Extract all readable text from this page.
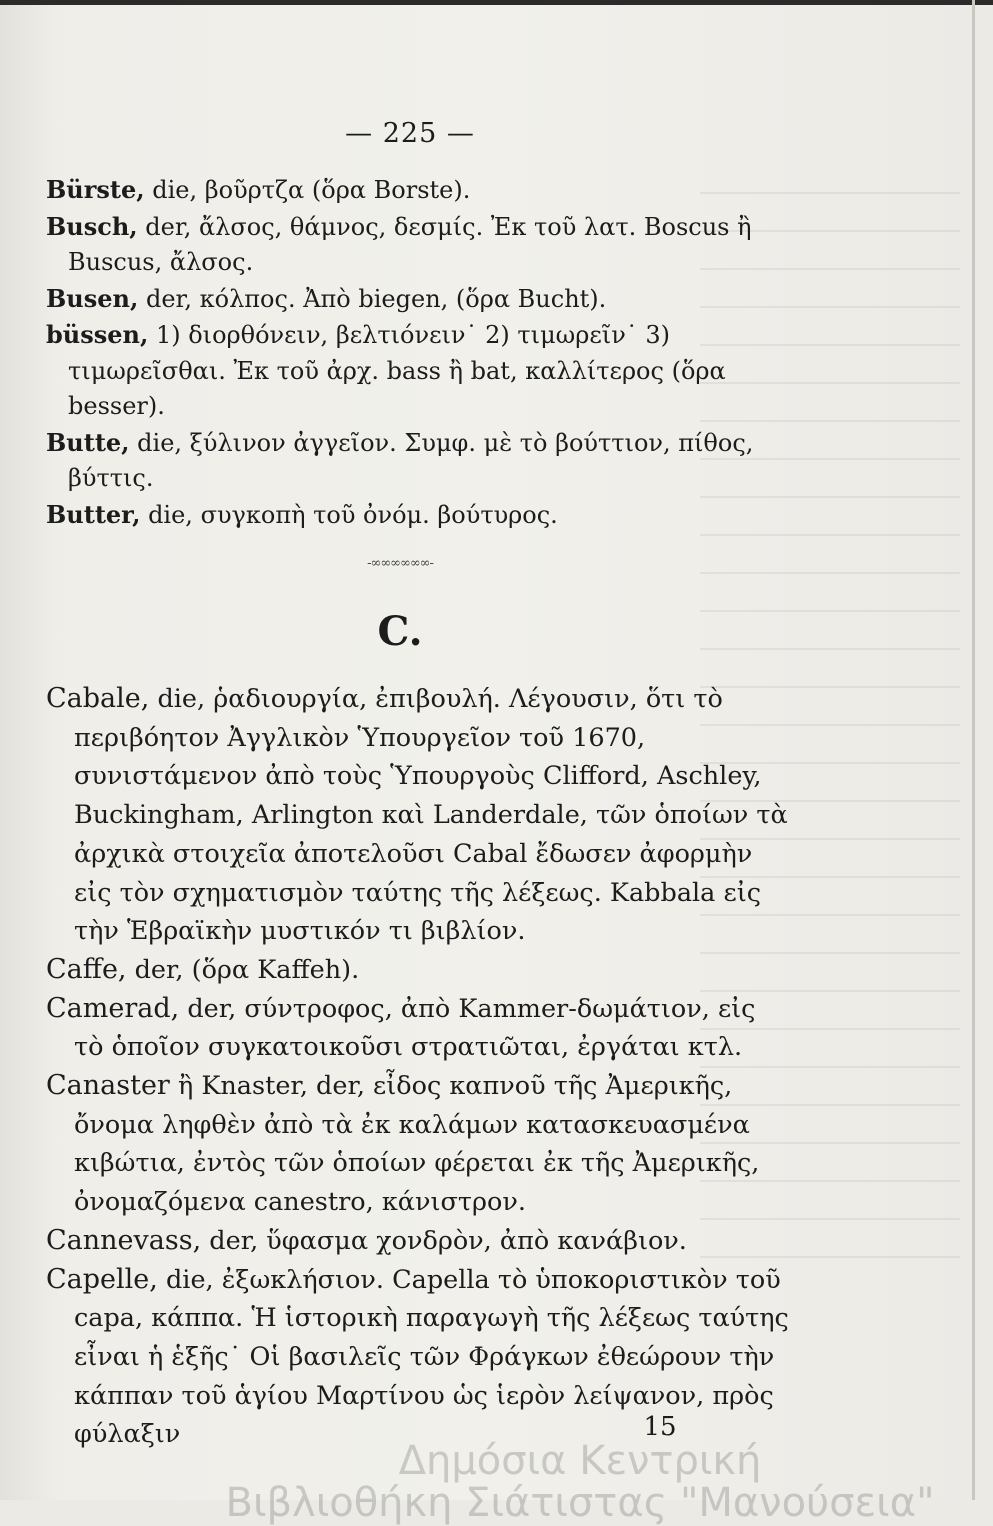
— 225 —
Bürste, die, βοῦρτζα (ὅρα Borste).
Busch, der, ἄλσος, θάμνος, δεσμίς. Ἐκ τοῦ λατ. Boscus ἢ Buscus, ἄλσος.
Busen, der, κόλπος. Ἀπὸ biegen, (ὅρα Bucht).
büssen, 1) διορθόνειν, βελτιόνειν˙ 2) τιμωρεῖν˙ 3) τιμωρεῖσθαι. Ἐκ τοῦ ἀρχ. bass ἢ bat, καλλίτερος (ὅρα besser).
Butte, die, ξύλινον ἀγγεῖον. Συμφ. μὲ τὸ βούττιον, πίθος, βύττις.
Butter, die, συγκοπὴ τοῦ ὀνόμ. βούτυρος.
-∞∞∞∞∞∞-
C.
Cabale, die, ῥαδιουργία, ἐπιβουλή. Λέγουσιν, ὅτι τὸ περιβόητον Ἀγγλικὸν Ὑπουργεῖον τοῦ 1670, συνιστάμενον ἀπὸ τοὺς Ὑπουργοὺς Clifford, Aschley, Buckingham, Arlington καὶ Landerdale, τῶν ὁποίων τὰ ἀρχικὰ στοιχεῖα ἀποτελοῦσι Cabal ἔδωσεν ἀφορμὴν εἰς τὸν σχηματισμὸν ταύτης τῆς λέξεως. Kabbala εἰς τὴν Ἑβραϊκὴν μυστικόν τι βιβλίον.
Caffe, der, (ὅρα Kaffeh).
Camerad, der, σύντροφος, ἀπὸ Kammer-δωμάτιον, εἰς τὸ ὁποῖον συγκατοικοῦσι στρατιῶται, ἐργάται κτλ.
Canaster ἢ Knaster, der, εἶδος καπνοῦ τῆς Ἀμερικῆς, ὄνομα ληφθὲν ἀπὸ τὰ ἐκ καλάμων κατασκευασμένα κιβώτια, ἐντὸς τῶν ὁποίων φέρεται ἐκ τῆς Ἀμερικῆς, ὀνομαζόμενα canestro, κάνιστρον.
Cannevass, der, ὕφασμα χονδρὸν, ἀπὸ κανάβιον.
Capelle, die, ἐξωκλήσιον. Capella τὸ ὑποκοριστικὸν τοῦ capa, κάππα. Ἡ ἱστορικὴ παραγωγὴ τῆς λέξεως ταύτης εἶναι ἡ ἑξῆς˙ Οἱ βασιλεῖς τῶν Φράγκων ἐθεώρουν τὴν κάππαν τοῦ ἁγίου Μαρτίνου ὡς ἱερὸν λείψανον, πρὸς φύλαξιν	15
Δημόσια Κεντρική
Βιβλιοθήκη Σιάτιστας "Μανούσεια"
